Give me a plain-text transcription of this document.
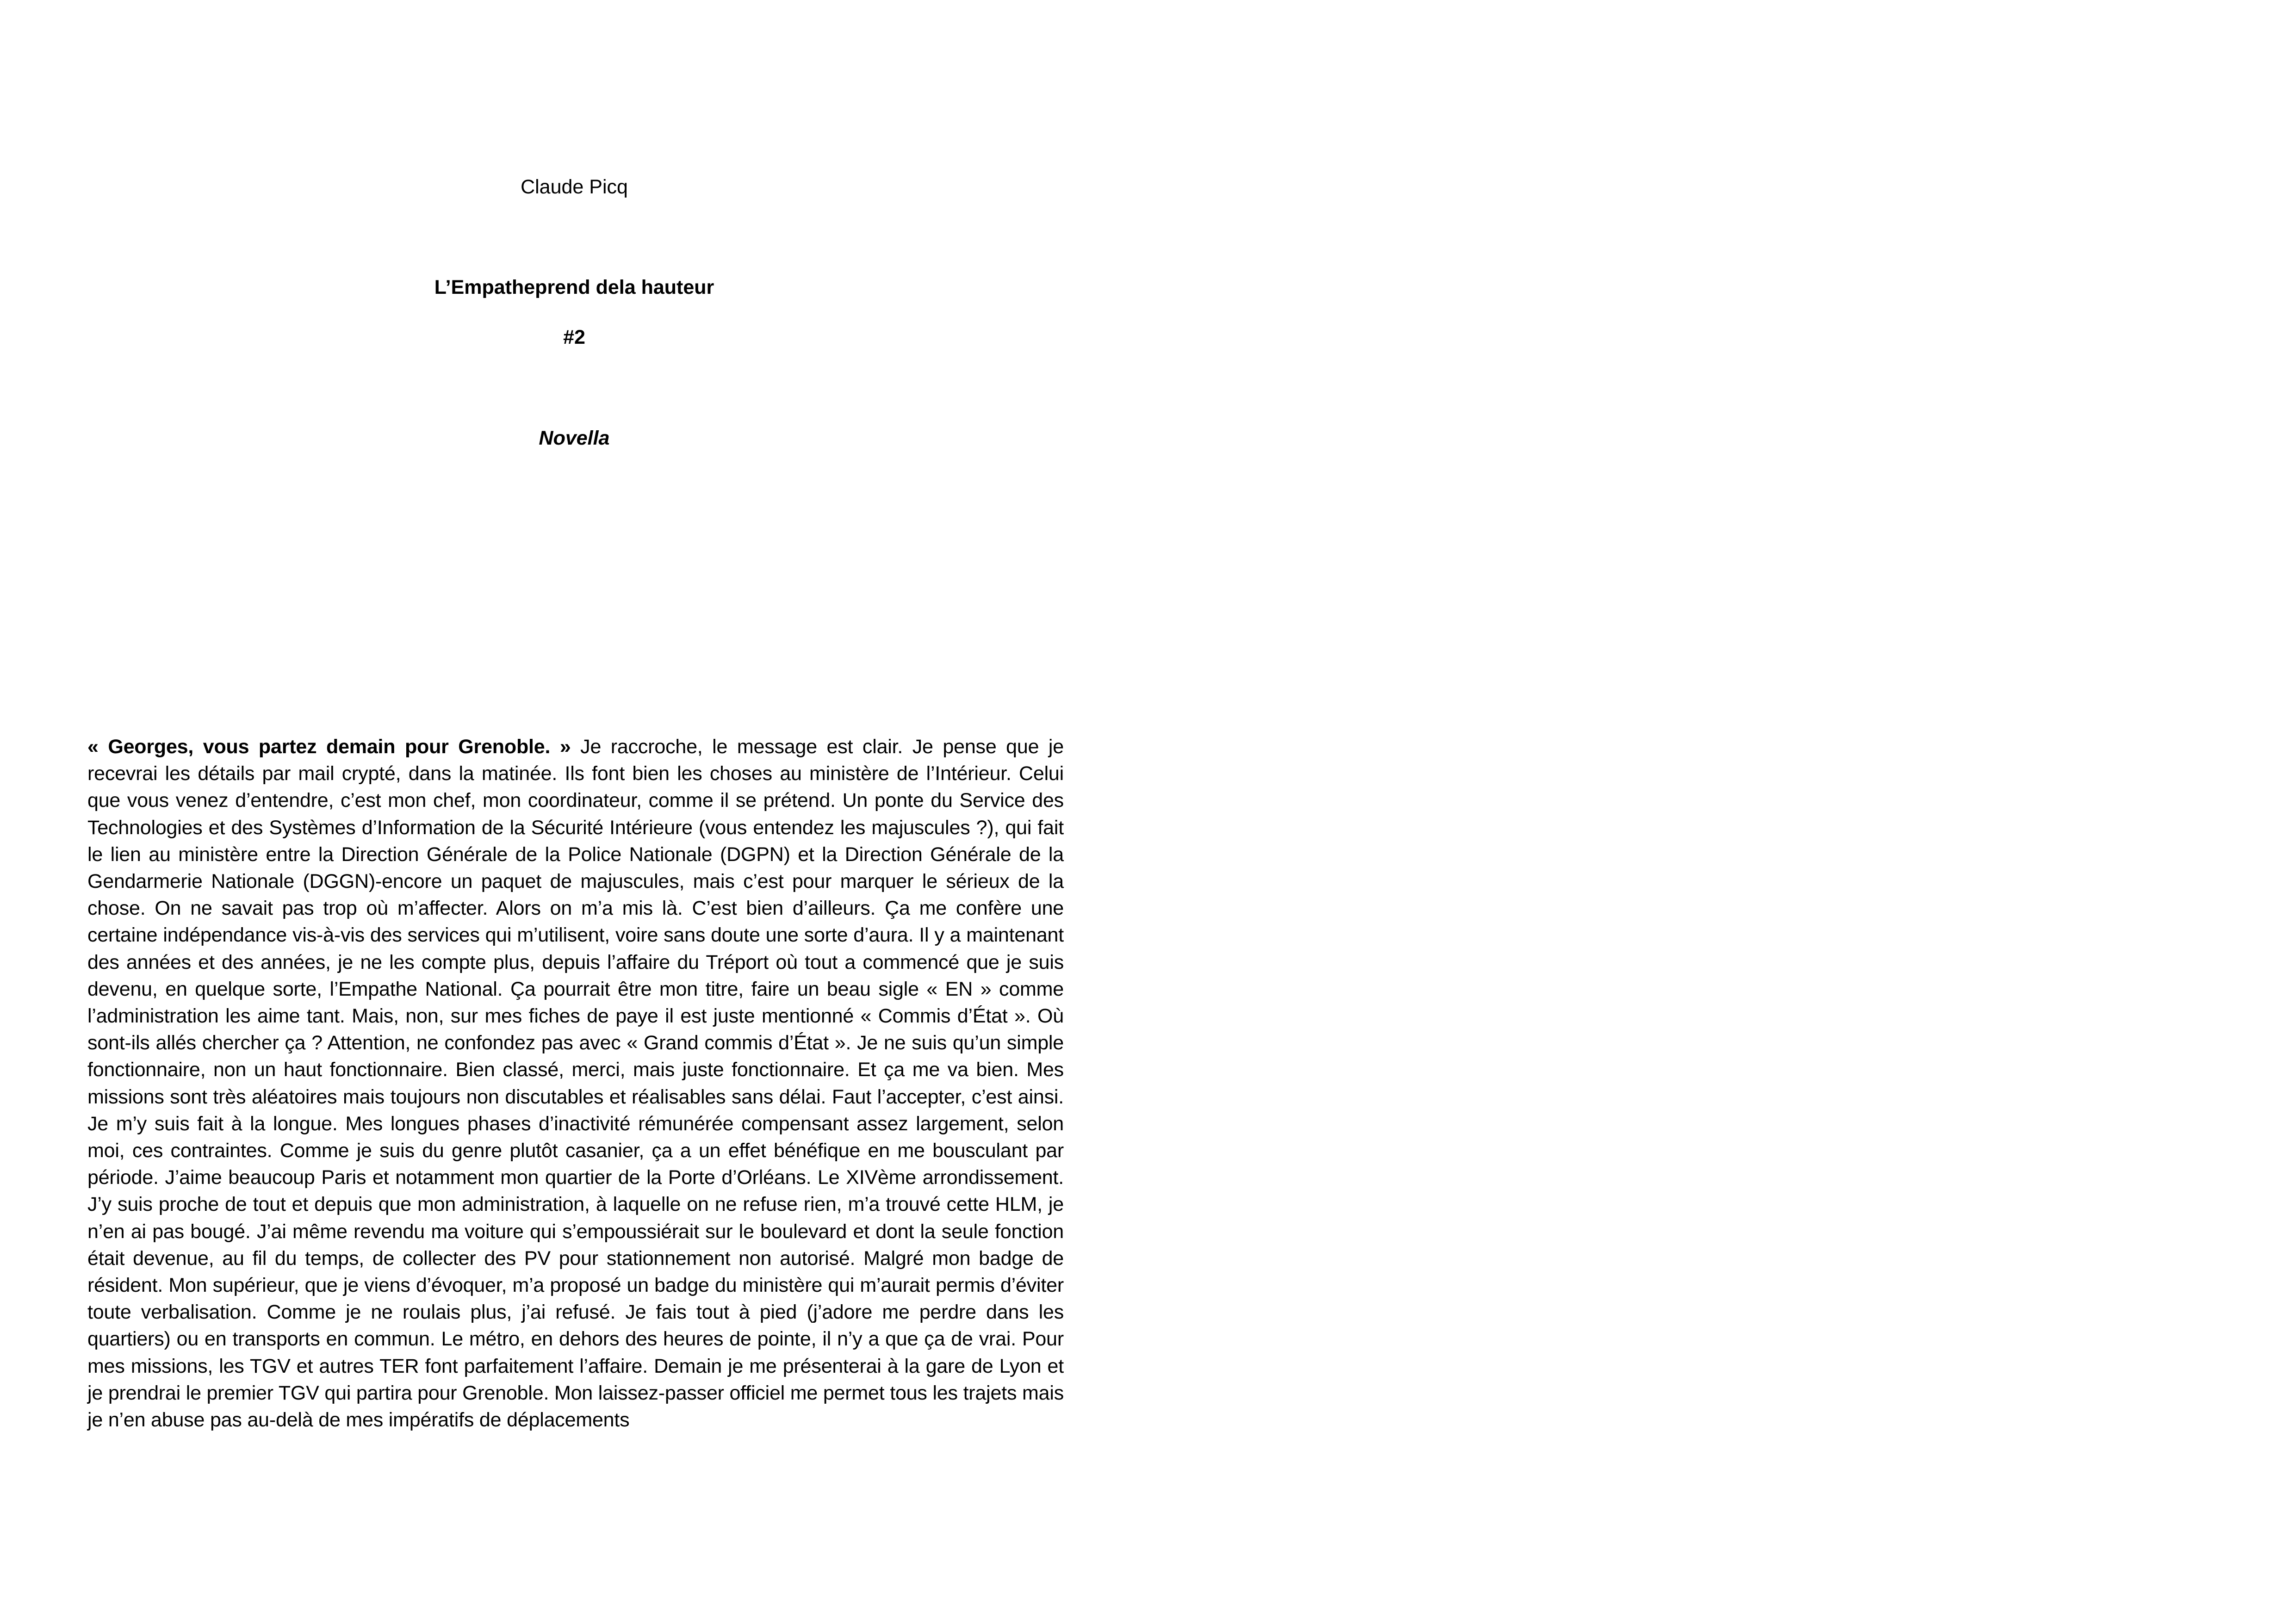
Claude Picq
L’Empatheprend dela hauteur
#2
Novella

« Georges, vous partez demain pour Grenoble. » Je raccroche, le message est clair. Je pense que je recevrai les détails par mail crypté, dans la matinée. Ils font bien les choses au ministère de l’Intérieur. Celui que vous venez d’entendre, c’est mon chef, mon coordinateur, comme il se prétend. Un ponte du Service des Technologies et des Systèmes d’Information de la Sécurité Intérieure (vous entendez les majuscules ?), qui fait le lien au ministère entre la Direction Générale de la Police Nationale (DGPN) et la Direction Générale de la Gendarmerie Nationale (DGGN)-encore un paquet de majuscules, mais c’est pour marquer le sérieux de la chose. On ne savait pas trop où m’affecter. Alors on m’a mis là. C’est bien d’ailleurs. Ça me confère une certaine indépendance vis-à-vis des services qui m’utilisent, voire sans doute une sorte d’aura. Il y a maintenant des années et des années, je ne les compte plus, depuis l’affaire du Tréport où tout a commencé que je suis devenu, en quelque sorte, l’Empathe National. Ça pourrait être mon titre, faire un beau sigle « EN » comme l’administration les aime tant. Mais, non, sur mes fiches de paye il est juste mentionné « Commis d’État ». Où sont-ils allés chercher ça ? Attention, ne confondez pas avec « Grand commis d’État ». Je ne suis qu’un simple fonctionnaire, non un haut fonctionnaire. Bien classé, merci, mais juste fonctionnaire. Et ça me va bien. Mes missions sont très aléatoires mais toujours non discutables et réalisables sans délai. Faut l’accepter, c’est ainsi. Je m’y suis fait à la longue. Mes longues phases d’inactivité rémunérée compensant assez largement, selon moi, ces contraintes. Comme je suis du genre plutôt casanier, ça a un effet bénéfique en me bousculant par période. J’aime beaucoup Paris et notamment mon quartier de la Porte d’Orléans. Le XIVème arrondissement. J’y suis proche de tout et depuis que mon administration, à laquelle on ne refuse rien, m’a trouvé cette HLM, je n’en ai pas bougé. J’ai même revendu ma voiture qui s’empoussiérait sur le boulevard et dont la seule fonction était devenue, au fil du temps, de collecter des PV pour stationnement non autorisé. Malgré mon badge de résident. Mon supérieur, que je viens d’évoquer, m’a proposé un badge du ministère qui m’aurait permis d’éviter toute verbalisation. Comme je ne roulais plus, j’ai refusé. Je fais tout à pied (j’adore me perdre dans les quartiers) ou en transports en commun. Le métro, en dehors des heures de pointe, il n’y a que ça de vrai. Pour mes missions, les TGV et autres TER font parfaitement l’affaire. Demain je me présenterai à la gare de Lyon et je prendrai le premier TGV qui partira pour Grenoble. Mon laissez-passer officiel me permet tous les trajets mais je n’en abuse pas au-delà de mes impératifs de déplacements
